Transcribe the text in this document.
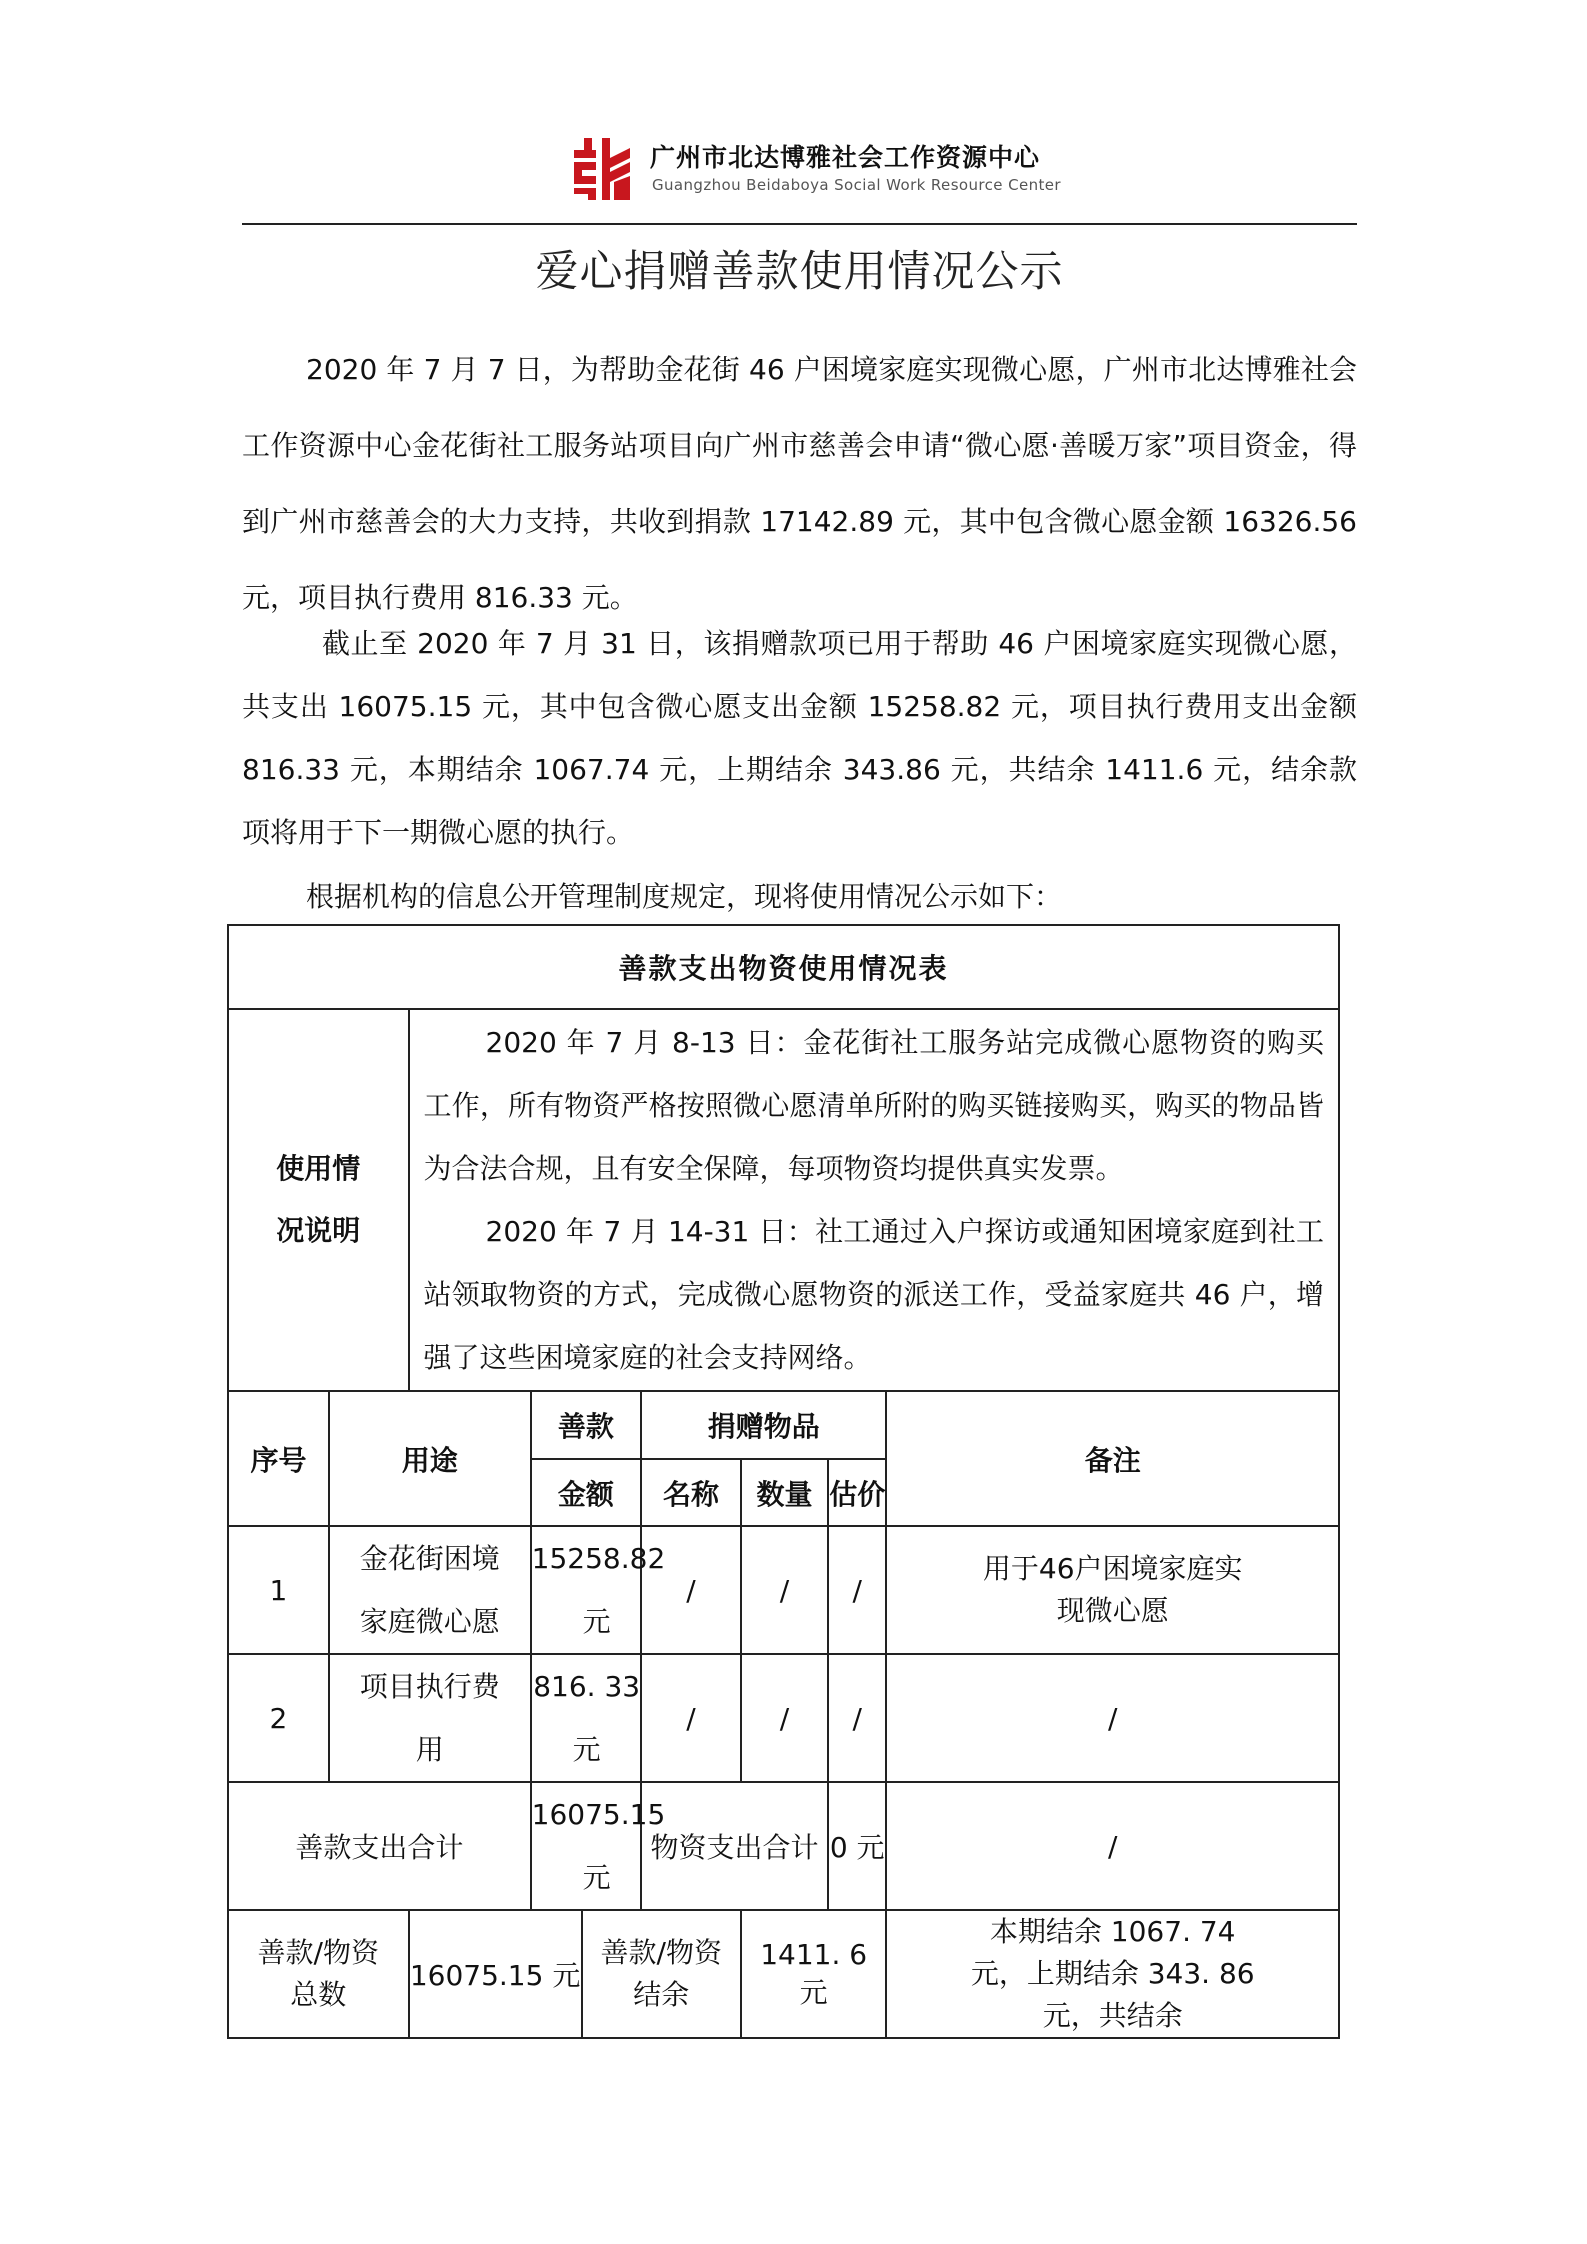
广州市北达博雅社会工作资源中心
Guangzhou Beidaboya Social Work Resource Center
爱心捐赠善款使用情况公示

2020 年 7 月 7 日，为帮助金花街 46 户困境家庭实现微心愿，广州市北达博雅社会工作资源中心金花街社工服务站项目向广州市慈善会申请“微心愿·善暖万家”项目资金，得到广州市慈善会的大力支持，共收到捐款 17142.89 元，其中包含微心愿金额 16326.56 元，项目执行费用 816.33 元。

截止至 2020 年 7 月 31 日，该捐赠款项已用于帮助 46 户困境家庭实现微心愿，共支出 16075.15 元，其中包含微心愿支出金额 15258.82 元，项目执行费用支出金额 816.33 元，本期结余 1067.74 元，上期结余 343.86 元，共结余 1411.6 元，结余款项将用于下一期微心愿的执行。

根据机构的信息公开管理制度规定，现将使用情况公示如下：

善款支出物资使用情况表								

使用情况说明		2020 年 7 月 8-13 日：金花街社工服务站完成微心愿物资的购买工作，所有物资严格按照微心愿清单所附的购买链接购买，购买的物品皆为合法合规，且有安全保障，每项物资均提供真实发票。

2020 年 7 月 14-31 日：社工通过入户探访或通知困境家庭到社工站领取物资的方式，完成微心愿物资的派送工作，受益家庭共 46 户，增强了这些困境家庭的社会支持网络。						

序号	用途		善款		捐赠物品			备注
			金额		名称	数量	估价	
1	金花街困境家庭微心愿		15258.82 元		/	/	/	用于46户困境家庭实现微心愿

2	项目执行费用		816. 33 元		/	/	/	/
善款支出合计			16075.15 元		物资支出合计		0 元	/

善款/物资总数		16075.15 元		善款/物资结余		1411. 6 元		本期结余 1067. 74 元，上期结余 343. 86 元，共结余
